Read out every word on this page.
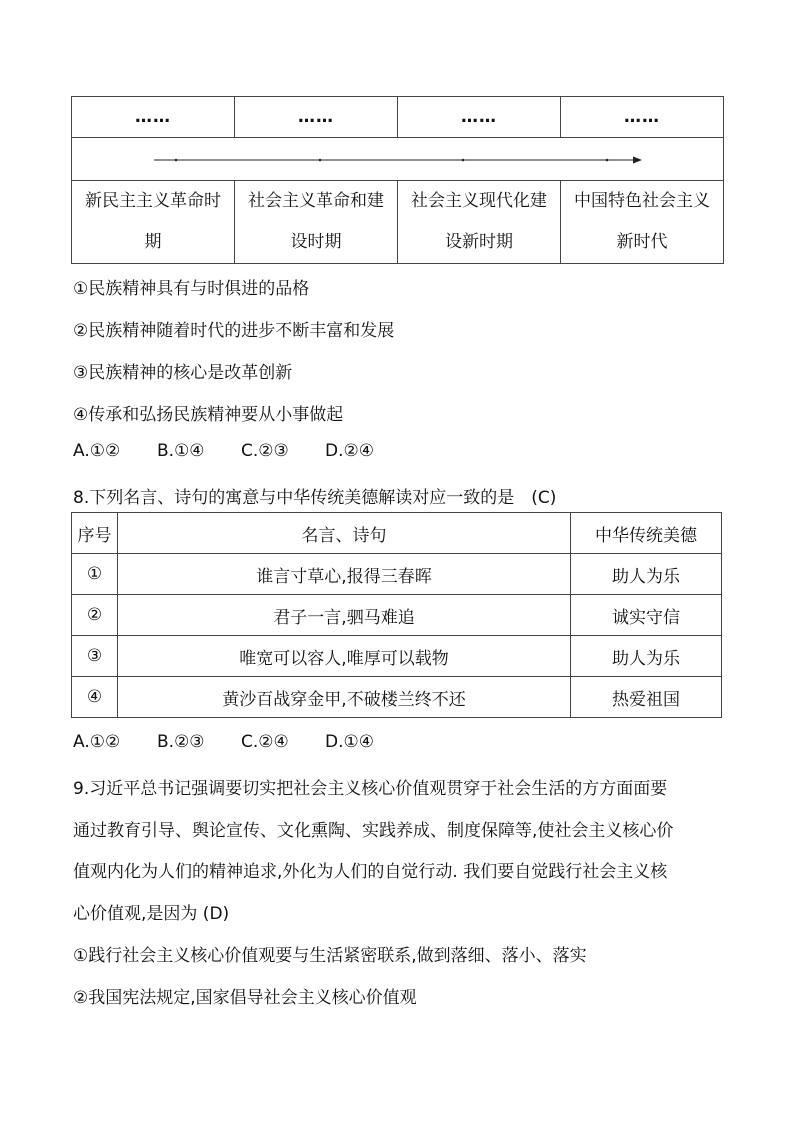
……	……	……	……

新民主主义革命时期	社会主义革命和建设时期	社会主义现代化建设新时期	中国特色社会主义新时代
①民族精神具有与时俱进的品格
②民族精神随着时代的进步不断丰富和发展
③民族精神的核心是改革创新
④传承和弘扬民族精神要从小事做起
A.①② B.①④ C.②③ D.②④
8.下列名言、诗句的寓意与中华传统美德解读对应一致的是　(C)
序号	名言、诗句	中华传统美德
①	谁言寸草心,报得三春晖	助人为乐
②	君子一言,驷马难追	诚实守信
③	唯宽可以容人,唯厚可以载物	助人为乐
④	黄沙百战穿金甲,不破楼兰终不还	热爱祖国
A.①② B.②③ C.②④ D.①④
9.习近平总书记强调要切实把社会主义核心价值观贯穿于社会生活的方方面面要
通过教育引导、舆论宣传、文化熏陶、实践养成、制度保障等,使社会主义核心价
值观内化为人们的精神追求,外化为人们的自觉行动. 我们要自觉践行社会主义核
心价值观,是因为 (D)
①践行社会主义核心价值观要与生活紧密联系,做到落细、落小、落实
②我国宪法规定,国家倡导社会主义核心价值观
